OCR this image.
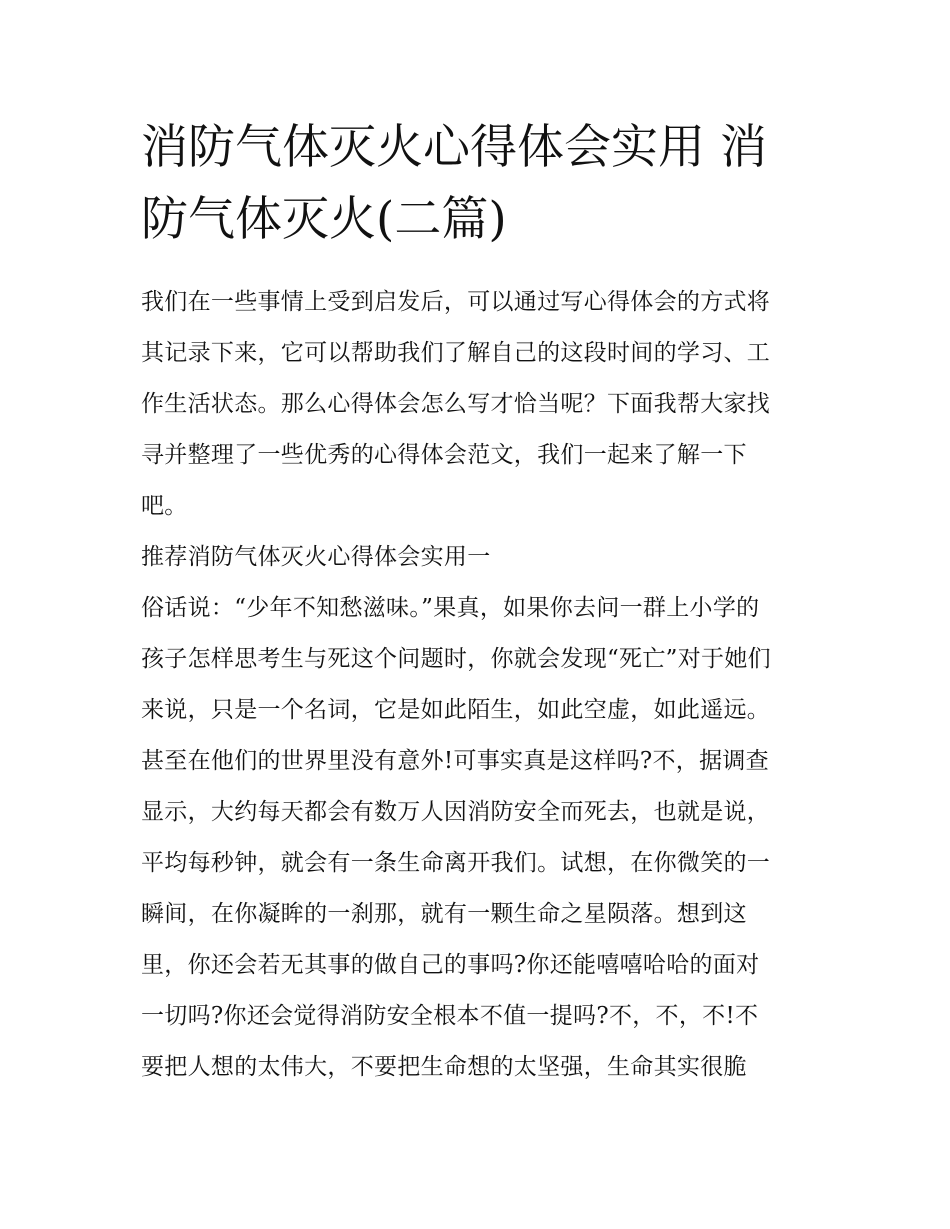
消防气体灭火心得体会实用 消
防气体灭火(二篇)
我们在一些事情上受到启发后，可以通过写心得体会的方式将
其记录下来，它可以帮助我们了解自己的这段时间的学习、工
作生活状态。那么心得体会怎么写才恰当呢？下面我帮大家找
寻并整理了一些优秀的心得体会范文，我们一起来了解一下
吧。
推荐消防气体灭火心得体会实用一
俗话说：“少年不知愁滋味。”果真，如果你去问一群上小学的
孩子怎样思考生与死这个问题时，你就会发现“死亡”对于她们
来说，只是一个名词，它是如此陌生，如此空虚，如此遥远。
甚至在他们的世界里没有意外!可事实真是这样吗?不，据调查
显示，大约每天都会有数万人因消防安全而死去，也就是说，
平均每秒钟，就会有一条生命离开我们。试想，在你微笑的一
瞬间，在你凝眸的一刹那，就有一颗生命之星陨落。想到这
里，你还会若无其事的做自己的事吗?你还能嘻嘻哈哈的面对
一切吗?你还会觉得消防安全根本不值一提吗?不，不，不!不
要把人想的太伟大，不要把生命想的太坚强，生命其实很脆
